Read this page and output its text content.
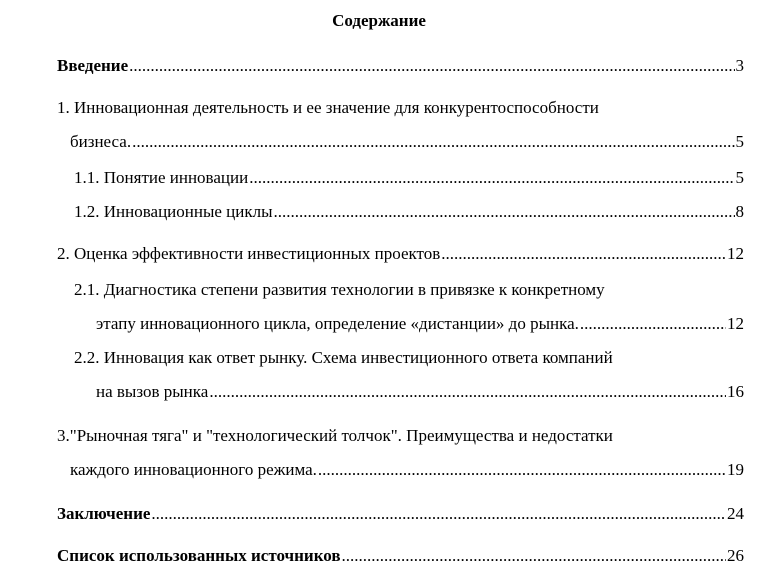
Содержание
Введение .....	3
1. Инновационная деятельность и ее значение для конкурентоспособности
бизнеса. .....	5
1.1. Понятие инновации .....	5
1.2. Инновационные циклы .....	8
2. Оценка эффективности инвестиционных проектов .....	12
2.1. Диагностика степени развития технологии в привязке к конкретному
этапу инновационного цикла, определение «дистанции» до рынка. .....	12
2.2. Инновация как ответ рынку. Схема инвестиционного ответа компаний
на вызов рынка .....	16
3."Рыночная тяга" и "технологический толчок". Преимущества и недостатки
каждого инновационного режима. .....	19
Заключение .....	24
Список использованных источников .....	26
